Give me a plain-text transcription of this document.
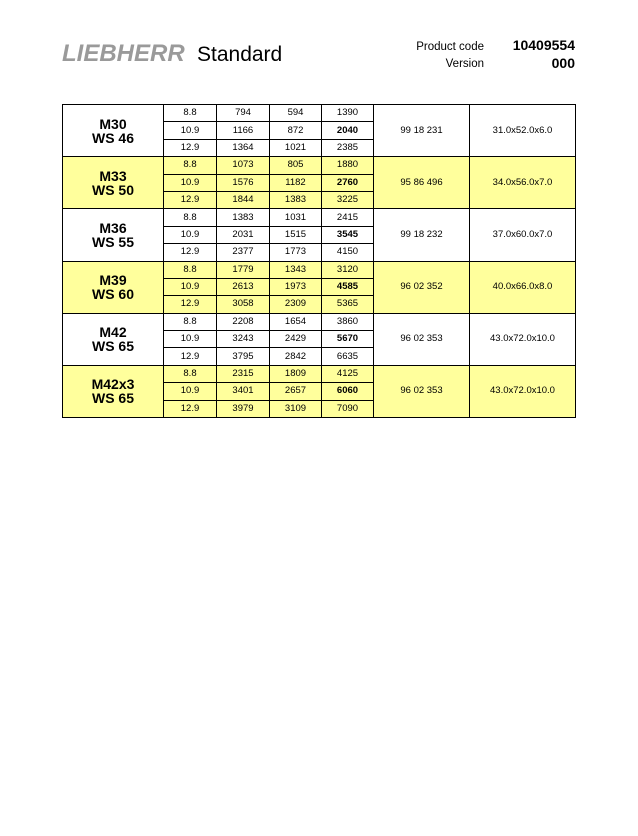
LIEBHERR Standard	Product code	10409554
Version	000
M30
WS 46	8.8	794	594	1390	99 18 231	31.0x52.0x6.0
	10.9	1166	872	2040		
	12.9	1364	1021	2385		

M33
WS 50	8.8	1073	805	1880	95 86 496	34.0x56.0x7.0
	10.9	1576	1182	2760		
	12.9	1844	1383	3225		

M36
WS 55	8.8	1383	1031	2415	99 18 232	37.0x60.0x7.0
	10.9	2031	1515	3545		
	12.9	2377	1773	4150		

M39
WS 60	8.8	1779	1343	3120	96 02 352	40.0x66.0x8.0
	10.9	2613	1973	4585		
	12.9	3058	2309	5365		

M42
WS 65	8.8	2208	1654	3860	96 02 353	43.0x72.0x10.0
	10.9	3243	2429	5670		
	12.9	3795	2842	6635		

M42x3
WS 65	8.8	2315	1809	4125	96 02 353	43.0x72.0x10.0
	10.9	3401	2657	6060		
	12.9	3979	3109	7090		
